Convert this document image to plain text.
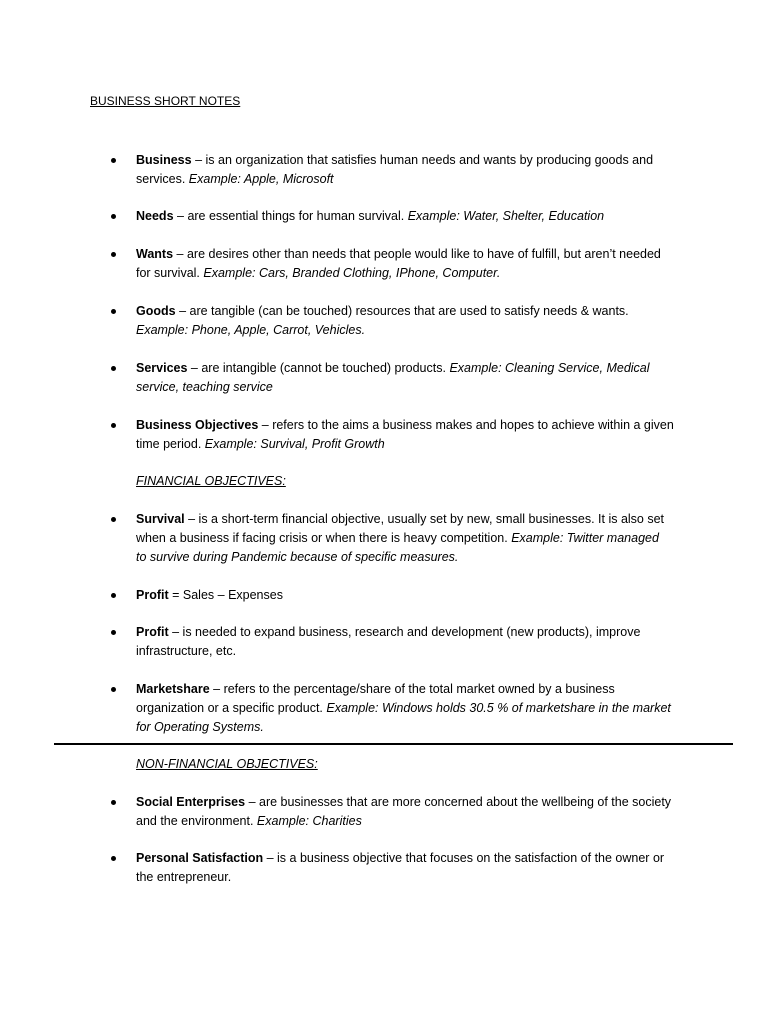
BUSINESS SHORT NOTES
Business – is an organization that satisfies human needs and wants by producing goods and
services. Example: Apple, Microsoft
Needs – are essential things for human survival. Example: Water, Shelter, Education
Wants – are desires other than needs that people would like to have of fulfill, but aren’t needed
for survival. Example: Cars, Branded Clothing, IPhone, Computer.
Goods – are tangible (can be touched) resources that are used to satisfy needs & wants.
Example: Phone, Apple, Carrot, Vehicles.
Services – are intangible (cannot be touched) products. Example: Cleaning Service, Medical
service, teaching service
Business Objectives – refers to the aims a business makes and hopes to achieve within a given
time period. Example: Survival, Profit Growth
FINANCIAL OBJECTIVES:
Survival – is a short-term financial objective, usually set by new, small businesses. It is also set
when a business if facing crisis or when there is heavy competition. Example: Twitter managed
to survive during Pandemic because of specific measures.
Profit = Sales – Expenses
Profit – is needed to expand business, research and development (new products), improve
infrastructure, etc.
Marketshare – refers to the percentage/share of the total market owned by a business
organization or a specific product. Example: Windows holds 30.5 % of marketshare in the market
for Operating Systems.
NON-FINANCIAL OBJECTIVES:
Social Enterprises – are businesses that are more concerned about the wellbeing of the society
and the environment. Example: Charities
Personal Satisfaction – is a business objective that focuses on the satisfaction of the owner or
the entrepreneur.
